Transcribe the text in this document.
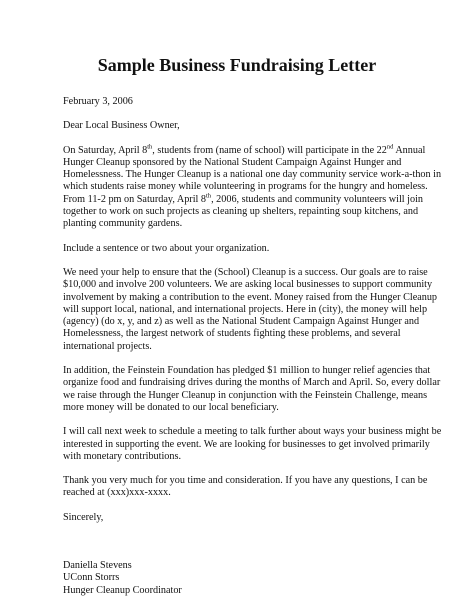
Sample Business Fundraising Letter

February 3, 2006

Dear Local Business Owner,

On Saturday, April 8th, students from (name of school) will participate in the 22nd Annual Hunger Cleanup sponsored by the National Student Campaign Against Hunger and Homelessness. The Hunger Cleanup is a national one day community service work-a-thon in which students raise money while volunteering in programs for the hungry and homeless. From 11-2 pm on Saturday, April 8th, 2006, students and community volunteers will join together to work on such projects as cleaning up shelters, repainting soup kitchens, and planting community gardens.

Include a sentence or two about your organization.

We need your help to ensure that the (School) Cleanup is a success. Our goals are to raise $10,000 and involve 200 volunteers. We are asking local businesses to support community involvement by making a contribution to the event. Money raised from the Hunger Cleanup will support local, national, and international projects. Here in (city), the money will help (agency) (do x, y, and z) as well as the National Student Campaign Against Hunger and Homelessness, the largest network of students fighting these problems, and several international projects.

In addition, the Feinstein Foundation has pledged $1 million to hunger relief agencies that organize food and fundraising drives during the months of March and April. So, every dollar we raise through the Hunger Cleanup in conjunction with the Feinstein Challenge, means more money will be donated to our local beneficiary.

I will call next week to schedule a meeting to talk further about ways your business might be interested in supporting the event. We are looking for businesses to get involved primarily with monetary contributions.

Thank you very much for you time and consideration. If you have any questions, I can be reached at (xxx)xxx-xxxx.

Sincerely,

Daniella Stevens
UConn Storrs
Hunger Cleanup Coordinator
